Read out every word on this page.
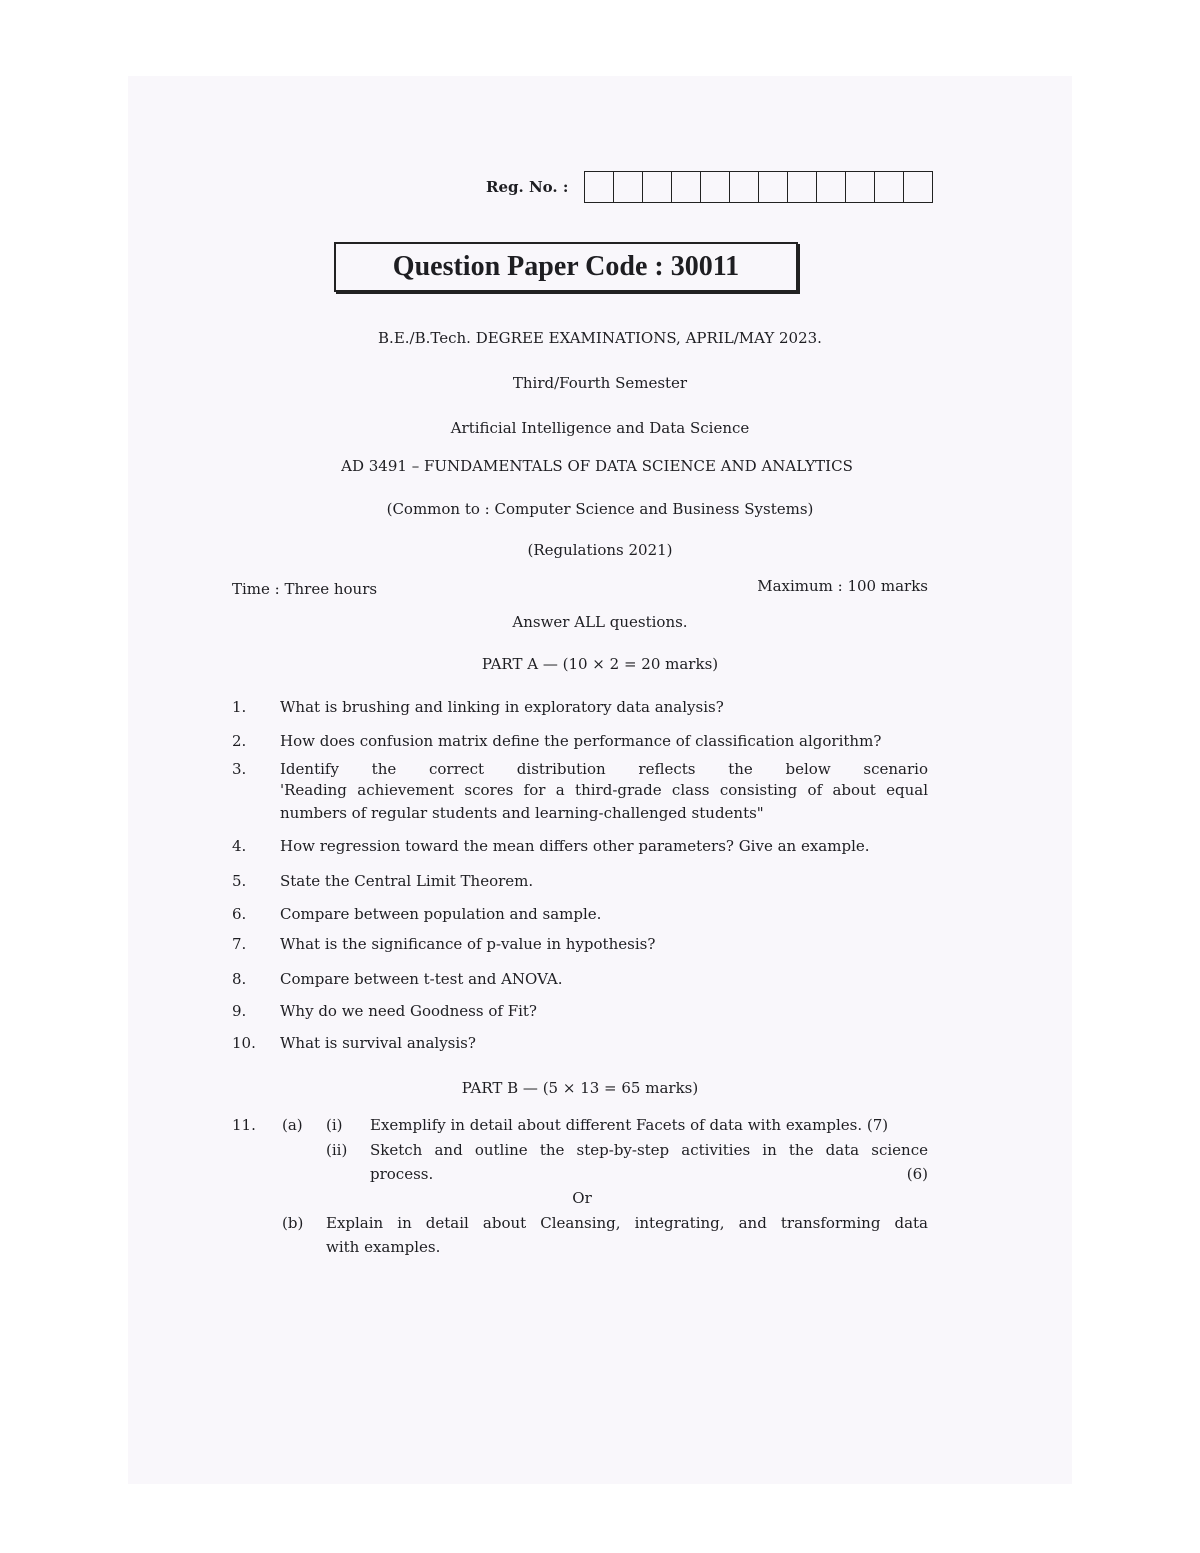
Reg. No. :
Question Paper Code : 30011
B.E./B.Tech. DEGREE EXAMINATIONS, APRIL/MAY 2023.
Third/Fourth Semester
Artificial Intelligence and Data Science
AD 3491 – FUNDAMENTALS OF DATA SCIENCE AND ANALYTICS
(Common to : Computer Science and Business Systems)
(Regulations 2021)
Time : Three hours	Maximum : 100 marks
Answer ALL questions.
PART A — (10 × 2 = 20 marks)
1. What is brushing and linking in exploratory data analysis?
2. How does confusion matrix define the performance of classification algorithm?
3. Identify the correct distribution reflects the below scenario
'Reading achievement scores for a third-grade class consisting of about equal
numbers of regular students and learning-challenged students"
4. How regression toward the mean differs other parameters? Give an example.
5. State the Central Limit Theorem.
6. Compare between population and sample.
7. What is the significance of p-value in hypothesis?
8. Compare between t-test and ANOVA.
9. Why do we need Goodness of Fit?
10. What is survival analysis?
PART B — (5 × 13 = 65 marks)
11. (a) (i) Exemplify in detail about different Facets of data with examples. (7)
(ii) Sketch and outline the step-by-step activities in the data science
process.	(6)
Or
(b) Explain in detail about Cleansing, integrating, and transforming data
with examples.
